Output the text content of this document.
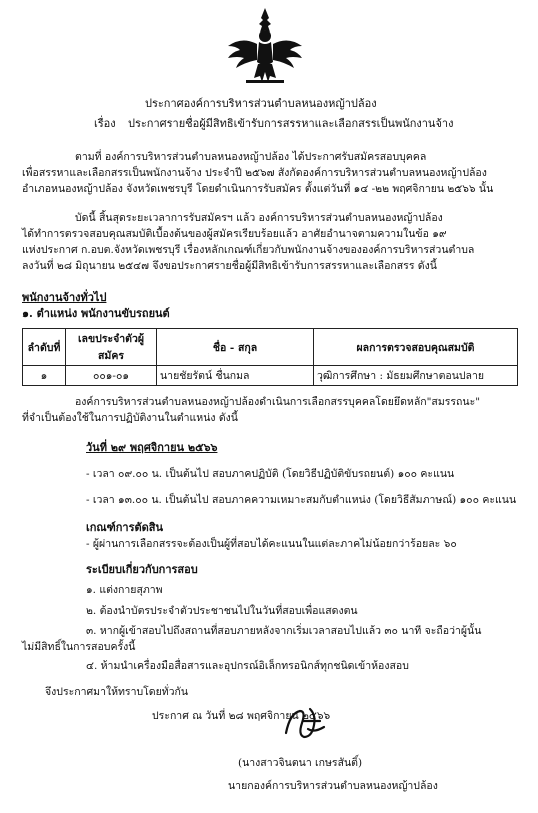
ประกาศองค์การบริหารส่วนตำบลหนองหญ้าปล้อง
เรื่อง ประกาศรายชื่อผู้มีสิทธิเข้ารับการสรรหาและเลือกสรรเป็นพนักงานจ้าง
ตามที่ องค์การบริหารส่วนตำบลหนองหญ้าปล้อง ได้ประกาศรับสมัครสอบบุคคล
เพื่อสรรหาและเลือกสรรเป็นพนักงานจ้าง ประจำปี ๒๕๖๗ สังกัดองค์การบริหารส่วนตำบลหนองหญ้าปล้อง
อำเภอหนองหญ้าปล้อง จังหวัดเพชรบุรี โดยดำเนินการรับสมัคร ตั้งแต่วันที่ ๑๔ -๒๒ พฤศจิกายน ๒๕๖๖ นั้น
บัดนี้ สิ้นสุดระยะเวลาการรับสมัครฯ แล้ว องค์การบริหารส่วนตำบลหนองหญ้าปล้อง
ได้ทำการตรวจสอบคุณสมบัติเบื้องต้นของผู้สมัครเรียบร้อยแล้ว อาศัยอำนาจตามความในข้อ ๑๙
แห่งประกาศ ก.อบต.จังหวัดเพชรบุรี เรื่องหลักเกณฑ์เกี่ยวกับพนักงานจ้างขององค์การบริหารส่วนตำบล
ลงวันที่ ๒๘ มิถุนายน ๒๕๔๗ จึงขอประกาศรายชื่อผู้มีสิทธิเข้ารับการสรรหาและเลือกสรร ดังนี้
พนักงานจ้างทั่วไป
๑. ตำแหน่ง พนักงานขับรถยนต์
ลำดับที่	เลขประจำตัวผู้สมัคร	ชื่อ - สกุล	ผลการตรวจสอบคุณสมบัติ
๑	๐๐๑-๐๑	นายชัยรัตน์ ชื่นกมล	วุฒิการศึกษา : มัธยมศึกษาตอนปลาย
องค์การบริหารส่วนตำบลหนองหญ้าปล้องดำเนินการเลือกสรรบุคคลโดยยึดหลัก"สมรรถนะ"
ที่จำเป็นต้องใช้ในการปฏิบัติงานในตำแหน่ง ดังนี้
วันที่ ๒๙ พฤศจิกายน ๒๕๖๖
- เวลา ๐๙.๐๐ น. เป็นต้นไป สอบภาคปฏิบัติ (โดยวิธีปฏิบัติขับรถยนต์) ๑๐๐ คะแนน
- เวลา ๑๓.๐๐ น. เป็นต้นไป สอบภาคความเหมาะสมกับตำแหน่ง (โดยวิธีสัมภาษณ์) ๑๐๐ คะแนน
เกณฑ์การตัดสิน
- ผู้ผ่านการเลือกสรรจะต้องเป็นผู้ที่สอบได้คะแนนในแต่ละภาคไม่น้อยกว่าร้อยละ ๖๐
ระเบียบเกี่ยวกับการสอบ
๑. แต่งกายสุภาพ
๒. ต้องนำบัตรประจำตัวประชาชนไปในวันที่สอบเพื่อแสดงตน
๓. หากผู้เข้าสอบไปถึงสถานที่สอบภายหลังจากเริ่มเวลาสอบไปแล้ว ๓๐ นาที จะถือว่าผู้นั้น
ไม่มีสิทธิ์ในการสอบครั้งนี้
๔. ห้ามนำเครื่องมือสื่อสารและอุปกรณ์อิเล็กทรอนิกส์ทุกชนิดเข้าห้องสอบ
จึงประกาศมาให้ทราบโดยทั่วกัน
ประกาศ ณ วันที่ ๒๘ พฤศจิกายน ๒๕๖๖
(นางสาวจินตนา เกษรสันติ์)
นายกองค์การบริหารส่วนตำบลหนองหญ้าปล้อง
